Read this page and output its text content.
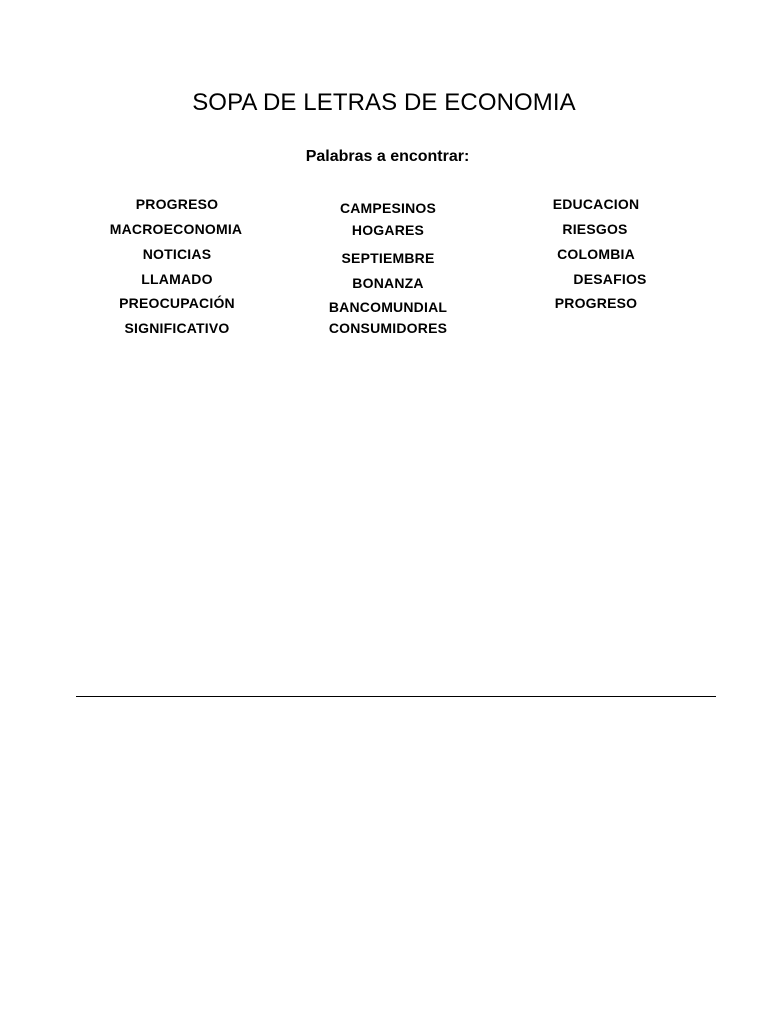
SOPA DE LETRAS DE ECONOMIA
Palabras a encontrar:
PROGRESO
MACROECONOMIA
NOTICIAS
LLAMADO
PREOCUPACIÓN
SIGNIFICATIVO
CAMPESINOS
HOGARES
SEPTIEMBRE
BONANZA
BANCOMUNDIAL
CONSUMIDORES
EDUCACION
RIESGOS
COLOMBIA
DESAFIOS
PROGRESO
